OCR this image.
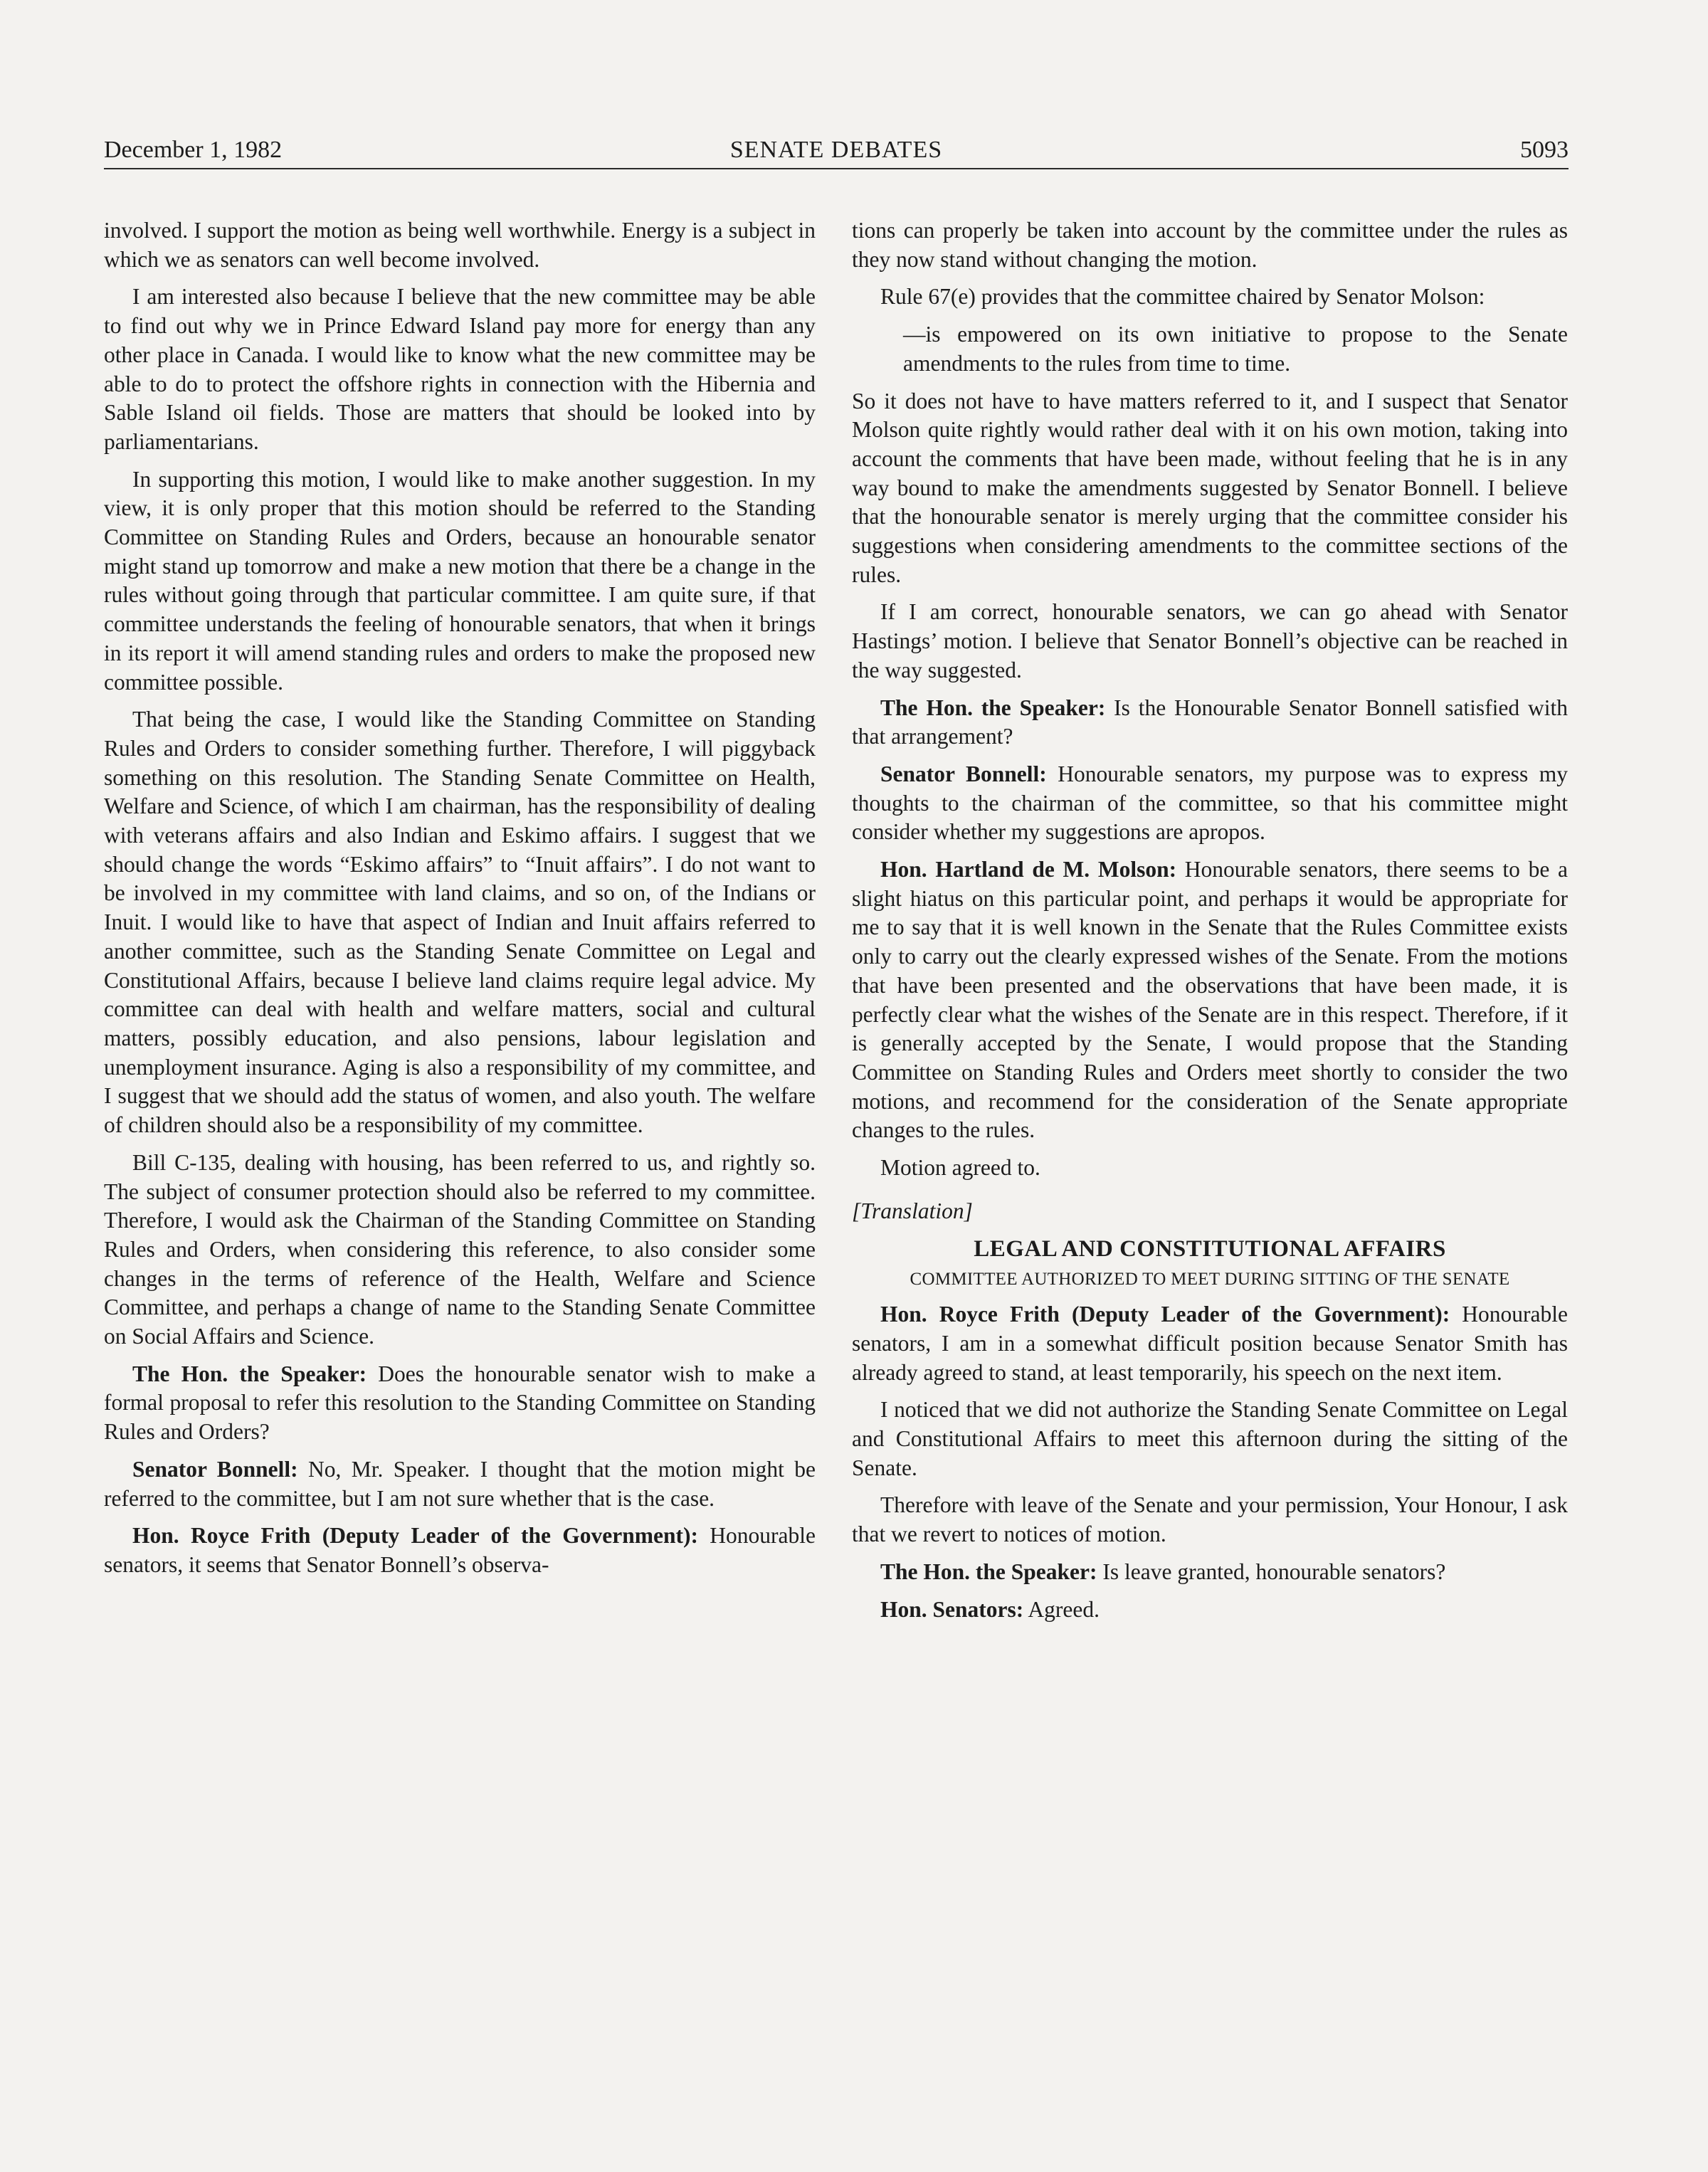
December 1, 1982	SENATE DEBATES	5093

involved. I support the motion as being well worthwhile. Energy is a subject in which we as senators can well become involved.

I am interested also because I believe that the new committee may be able to find out why we in Prince Edward Island pay more for energy than any other place in Canada. I would like to know what the new committee may be able to do to protect the offshore rights in connection with the Hibernia and Sable Island oil fields. Those are matters that should be looked into by parliamentarians.

In supporting this motion, I would like to make another suggestion. In my view, it is only proper that this motion should be referred to the Standing Committee on Standing Rules and Orders, because an honourable senator might stand up tomorrow and make a new motion that there be a change in the rules without going through that particular committee. I am quite sure, if that committee understands the feeling of honourable senators, that when it brings in its report it will amend standing rules and orders to make the proposed new committee possible.

That being the case, I would like the Standing Committee on Standing Rules and Orders to consider something further. Therefore, I will piggyback something on this resolution. The Standing Senate Committee on Health, Welfare and Science, of which I am chairman, has the responsibility of dealing with veterans affairs and also Indian and Eskimo affairs. I suggest that we should change the words “Eskimo affairs” to “Inuit affairs”. I do not want to be involved in my committee with land claims, and so on, of the Indians or Inuit. I would like to have that aspect of Indian and Inuit affairs referred to another committee, such as the Standing Senate Committee on Legal and Constitutional Affairs, because I believe land claims require legal advice. My committee can deal with health and welfare matters, social and cultural matters, possibly education, and also pensions, labour legislation and unemployment insurance. Aging is also a responsibility of my committee, and I suggest that we should add the status of women, and also youth. The welfare of children should also be a responsibility of my committee.

Bill C-135, dealing with housing, has been referred to us, and rightly so. The subject of consumer protection should also be referred to my committee. Therefore, I would ask the Chairman of the Standing Committee on Standing Rules and Orders, when considering this reference, to also consider some changes in the terms of reference of the Health, Welfare and Science Committee, and perhaps a change of name to the Standing Senate Committee on Social Affairs and Science.

The Hon. the Speaker: Does the honourable senator wish to make a formal proposal to refer this resolution to the Standing Committee on Standing Rules and Orders?

Senator Bonnell: No, Mr. Speaker. I thought that the motion might be referred to the committee, but I am not sure whether that is the case.

Hon. Royce Frith (Deputy Leader of the Government): Honourable senators, it seems that Senator Bonnell’s observa-

tions can properly be taken into account by the committee under the rules as they now stand without changing the motion.

Rule 67(e) provides that the committee chaired by Senator Molson:

—is empowered on its own initiative to propose to the Senate amendments to the rules from time to time.

So it does not have to have matters referred to it, and I suspect that Senator Molson quite rightly would rather deal with it on his own motion, taking into account the comments that have been made, without feeling that he is in any way bound to make the amendments suggested by Senator Bonnell. I believe that the honourable senator is merely urging that the committee consider his suggestions when considering amendments to the committee sections of the rules.

If I am correct, honourable senators, we can go ahead with Senator Hastings’ motion. I believe that Senator Bonnell’s objective can be reached in the way suggested.

The Hon. the Speaker: Is the Honourable Senator Bonnell satisfied with that arrangement?

Senator Bonnell: Honourable senators, my purpose was to express my thoughts to the chairman of the committee, so that his committee might consider whether my suggestions are apropos.

Hon. Hartland de M. Molson: Honourable senators, there seems to be a slight hiatus on this particular point, and perhaps it would be appropriate for me to say that it is well known in the Senate that the Rules Committee exists only to carry out the clearly expressed wishes of the Senate. From the motions that have been presented and the observations that have been made, it is perfectly clear what the wishes of the Senate are in this respect. Therefore, if it is generally accepted by the Senate, I would propose that the Standing Committee on Standing Rules and Orders meet shortly to consider the two motions, and recommend for the consideration of the Senate appropriate changes to the rules.

Motion agreed to.

[Translation]

LEGAL AND CONSTITUTIONAL AFFAIRS
COMMITTEE AUTHORIZED TO MEET DURING SITTING OF THE SENATE

Hon. Royce Frith (Deputy Leader of the Government): Honourable senators, I am in a somewhat difficult position because Senator Smith has already agreed to stand, at least temporarily, his speech on the next item.

I noticed that we did not authorize the Standing Senate Committee on Legal and Constitutional Affairs to meet this afternoon during the sitting of the Senate.

Therefore with leave of the Senate and your permission, Your Honour, I ask that we revert to notices of motion.

The Hon. the Speaker: Is leave granted, honourable senators?

Hon. Senators: Agreed.
